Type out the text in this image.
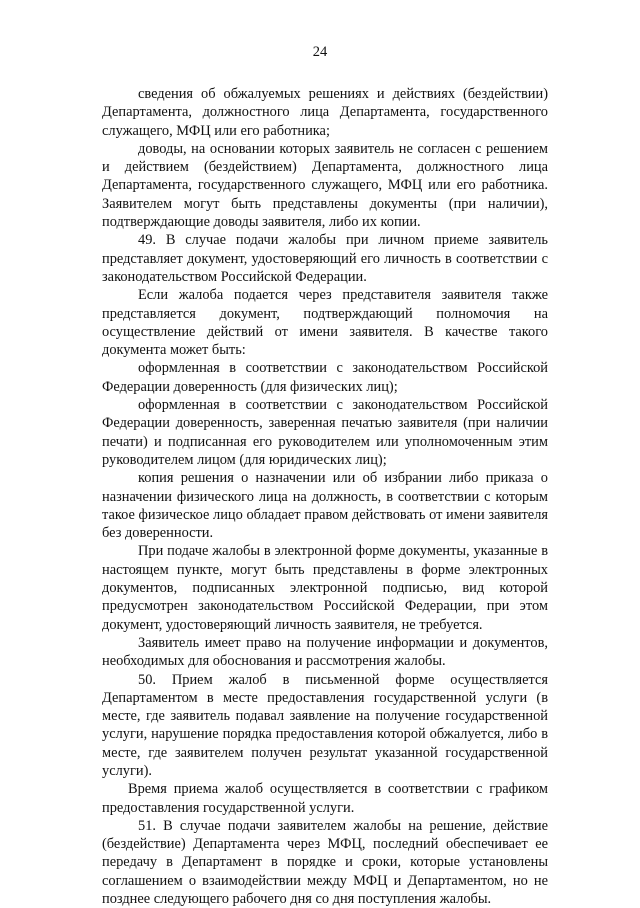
24

сведения об обжалуемых решениях и действиях (бездействии) Департамента, должностного лица Департамента, государственного служащего, МФЦ или его работника;

доводы, на основании которых заявитель не согласен с решением и действием (бездействием) Департамента, должностного лица Департамента, государственного служащего, МФЦ или его работника. Заявителем могут быть представлены документы (при наличии), подтверждающие доводы заявителя, либо их копии.

49. В случае подачи жалобы при личном приеме заявитель представляет документ, удостоверяющий его личность в соответствии с законодательством Российской Федерации.

Если жалоба подается через представителя заявителя также представляется документ, подтверждающий полномочия на осуществление действий от имени заявителя. В качестве такого документа может быть:

оформленная в соответствии с законодательством Российской Федерации доверенность (для физических лиц);

оформленная в соответствии с законодательством Российской Федерации доверенность, заверенная печатью заявителя (при наличии печати) и подписанная его руководителем или уполномоченным этим руководителем лицом (для юридических лиц);

копия решения о назначении или об избрании либо приказа о назначении физического лица на должность, в соответствии с которым такое физическое лицо обладает правом действовать от имени заявителя без доверенности.

При подаче жалобы в электронной форме документы, указанные в настоящем пункте, могут быть представлены в форме электронных документов, подписанных электронной подписью, вид которой предусмотрен законодательством Российской Федерации, при этом документ, удостоверяющий личность заявителя, не требуется.

Заявитель имеет право на получение информации и документов, необходимых для обоснования и рассмотрения жалобы.

50. Прием жалоб в письменной форме осуществляется Департаментом в месте предоставления государственной услуги (в месте, где заявитель подавал заявление на получение государственной услуги, нарушение порядка предоставления которой обжалуется, либо в месте, где заявителем получен результат указанной государственной услуги).

Время приема жалоб осуществляется в соответствии с графиком предоставления государственной услуги.

51. В случае подачи заявителем жалобы на решение, действие (бездействие) Департамента через МФЦ, последний обеспечивает ее передачу в Департамент в порядке и сроки, которые установлены соглашением о взаимодействии между МФЦ и Департаментом, но не позднее следующего рабочего дня со дня поступления жалобы.
